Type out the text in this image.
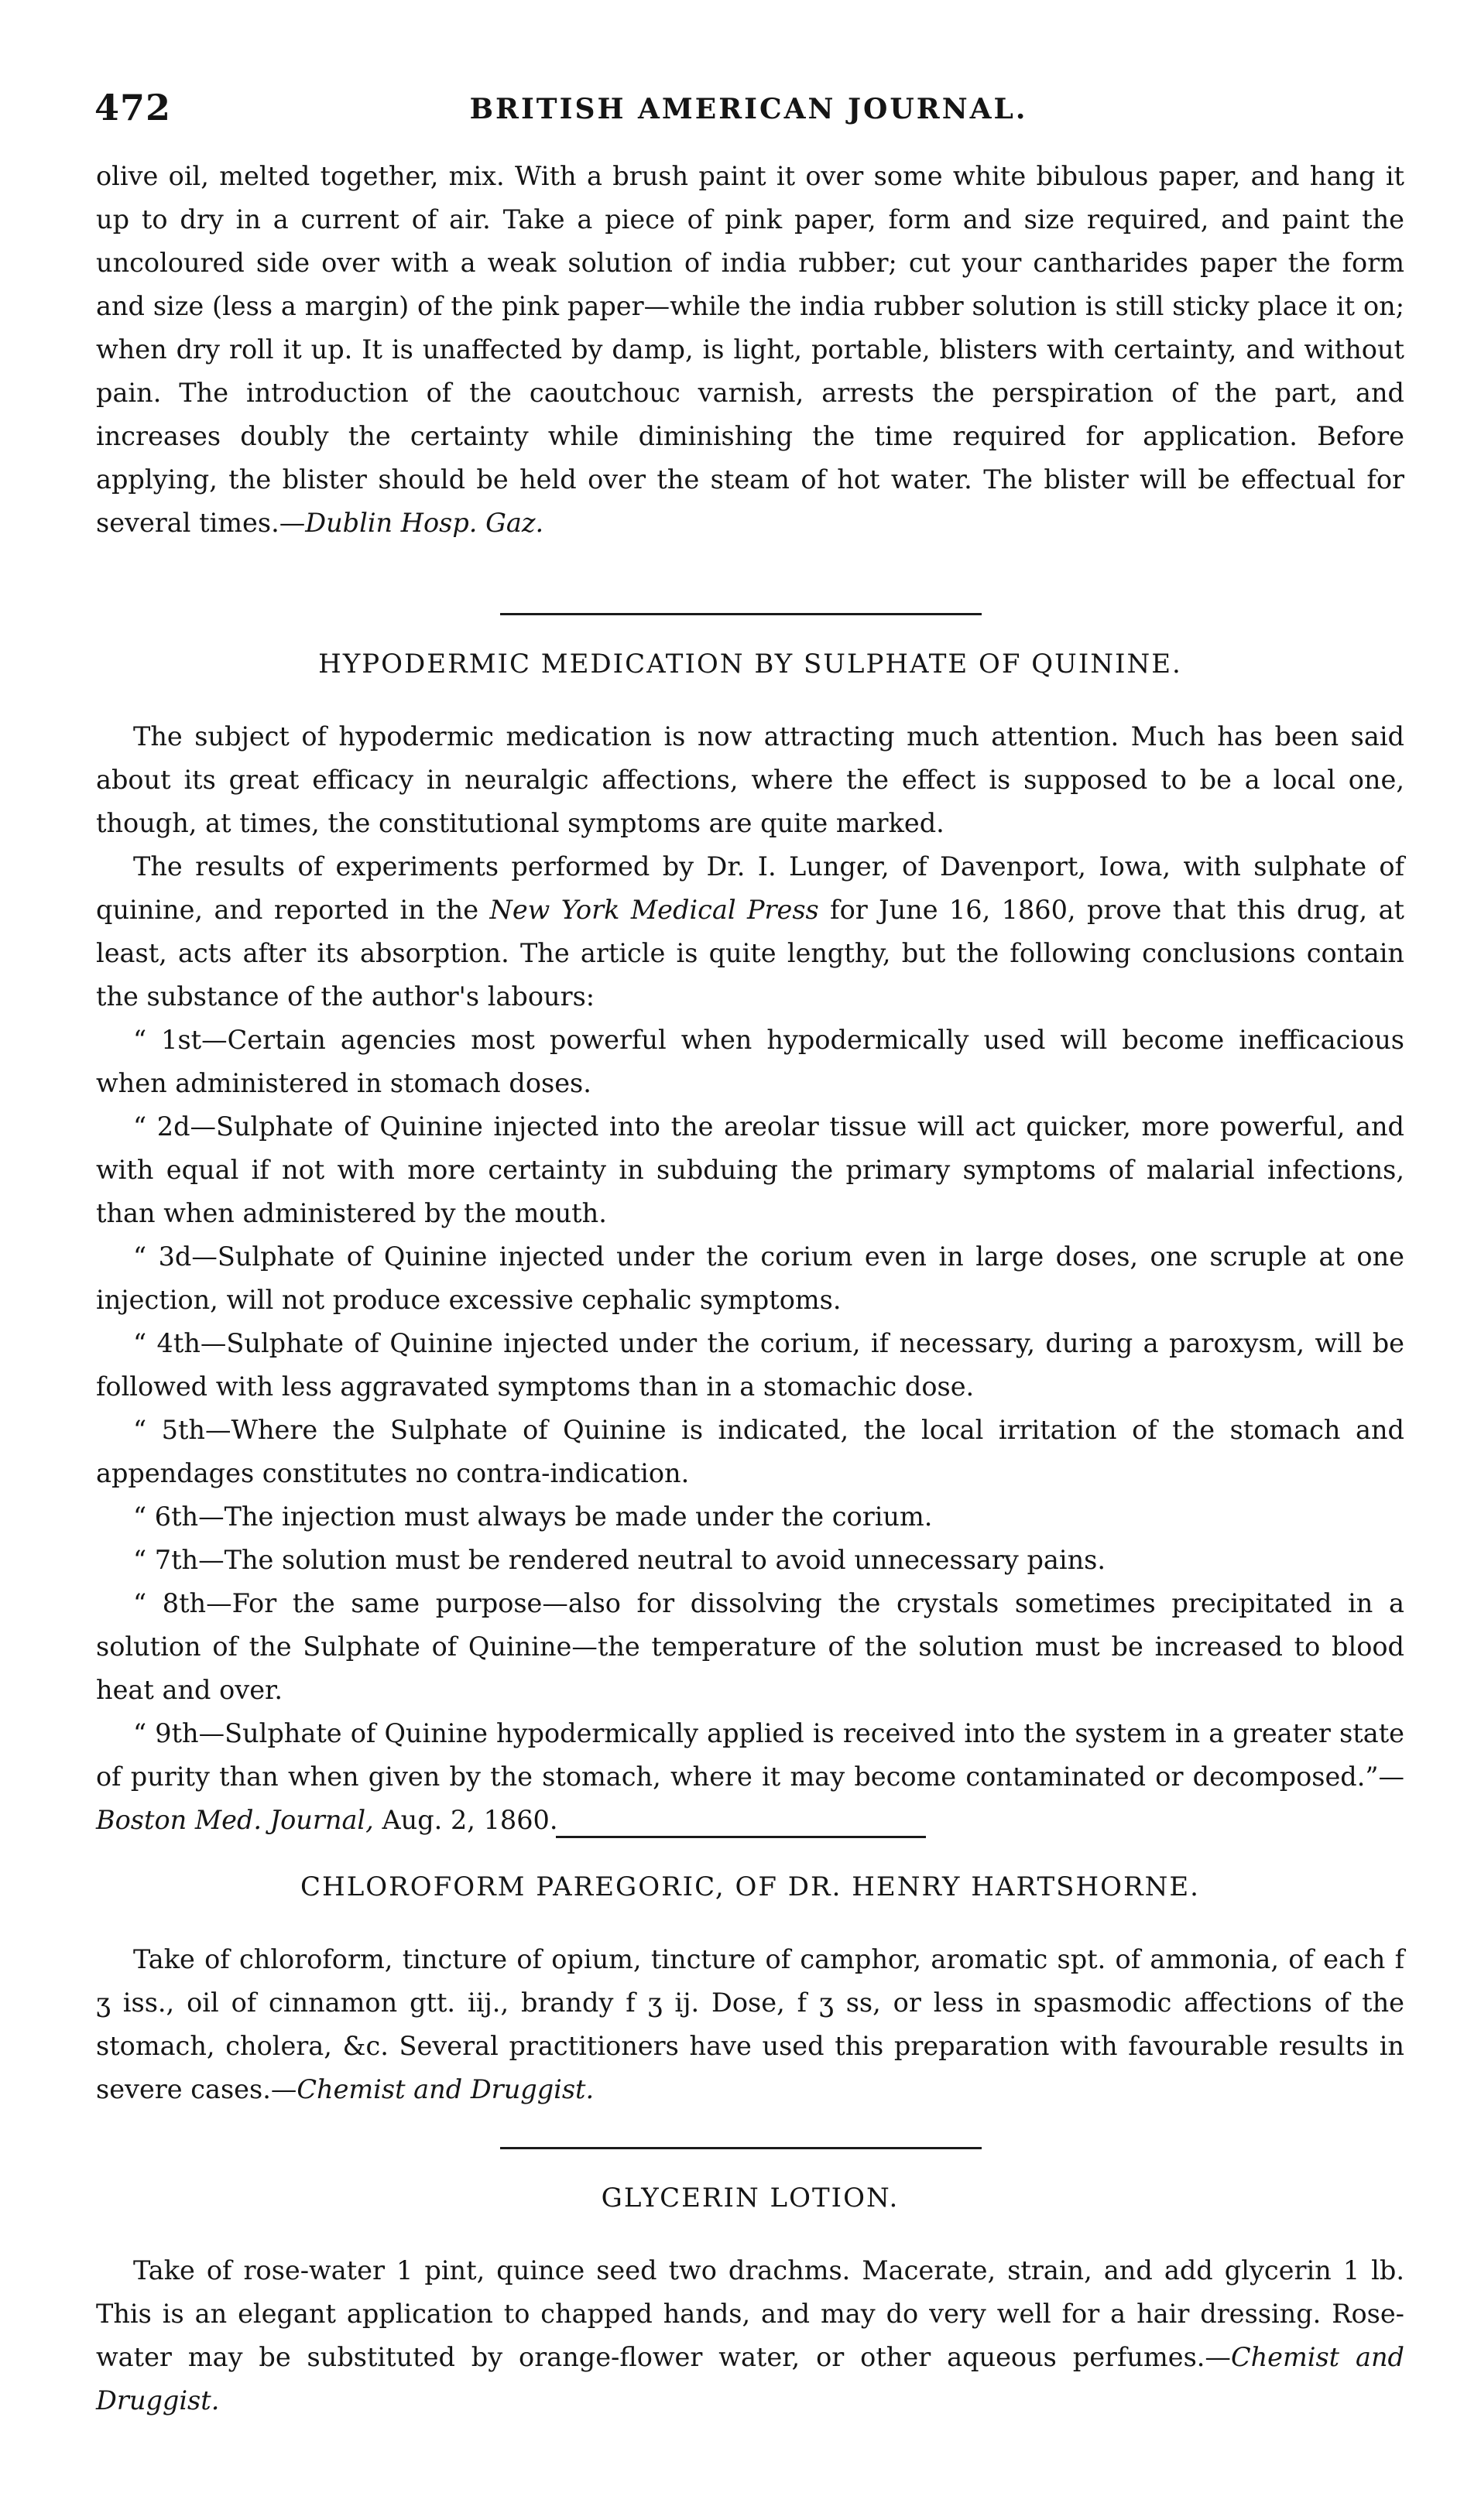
472	BRITISH AMERICAN JOURNAL.

olive oil, melted together, mix. With a brush paint it over some white bibulous paper, and hang it up to dry in a current of air. Take a piece of pink paper, form and size required, and paint the uncoloured side over with a weak solution of india rubber; cut your cantharides paper the form and size (less a margin) of the pink paper—while the india rubber solution is still sticky place it on; when dry roll it up. It is unaffected by damp, is light, portable, blisters with certainty, and without pain. The introduction of the caoutchouc varnish, arrests the perspiration of the part, and increases doubly the certainty while diminishing the time required for application. Before applying, the blister should be held over the steam of hot water. The blister will be effectual for several times.—Dublin Hosp. Gaz.

HYPODERMIC MEDICATION BY SULPHATE OF QUININE.

The subject of hypodermic medication is now attracting much attention. Much has been said about its great efficacy in neuralgic affections, where the effect is supposed to be a local one, though, at times, the constitutional symptoms are quite marked.

The results of experiments performed by Dr. I. Lunger, of Davenport, Iowa, with sulphate of quinine, and reported in the New York Medical Press for June 16, 1860, prove that this drug, at least, acts after its absorption. The article is quite lengthy, but the following conclusions contain the substance of the author's labours:

“ 1st—Certain agencies most powerful when hypodermically used will become inefficacious when administered in stomach doses.

“ 2d—Sulphate of Quinine injected into the areolar tissue will act quicker, more powerful, and with equal if not with more certainty in subduing the primary symptoms of malarial infections, than when administered by the mouth.

“ 3d—Sulphate of Quinine injected under the corium even in large doses, one scruple at one injection, will not produce excessive cephalic symptoms.

“ 4th—Sulphate of Quinine injected under the corium, if necessary, during a paroxysm, will be followed with less aggravated symptoms than in a stomachic dose.

“ 5th—Where the Sulphate of Quinine is indicated, the local irritation of the stomach and appendages constitutes no contra-indication.

“ 6th—The injection must always be made under the corium.

“ 7th—The solution must be rendered neutral to avoid unnecessary pains.

“ 8th—For the same purpose—also for dissolving the crystals sometimes precipitated in a solution of the Sulphate of Quinine—the temperature of the solution must be increased to blood heat and over.

“ 9th—Sulphate of Quinine hypodermically applied is received into the system in a greater state of purity than when given by the stomach, where it may become contaminated or decomposed.”—Boston Med. Journal, Aug. 2, 1860.

CHLOROFORM PAREGORIC, OF DR. HENRY HARTSHORNE.

Take of chloroform, tincture of opium, tincture of camphor, aromatic spt. of ammonia, of each f ʒ iss., oil of cinnamon gtt. iij., brandy f ʒ ij. Dose, f ʒ ss, or less in spasmodic affections of the stomach, cholera, &c. Several practitioners have used this preparation with favourable results in severe cases.—Chemist and Druggist.

GLYCERIN LOTION.

Take of rose-water 1 pint, quince seed two drachms. Macerate, strain, and add glycerin 1 lb. This is an elegant application to chapped hands, and may do very well for a hair dressing. Rose-water may be substituted by orange-flower water, or other aqueous perfumes.—Chemist and Druggist.
